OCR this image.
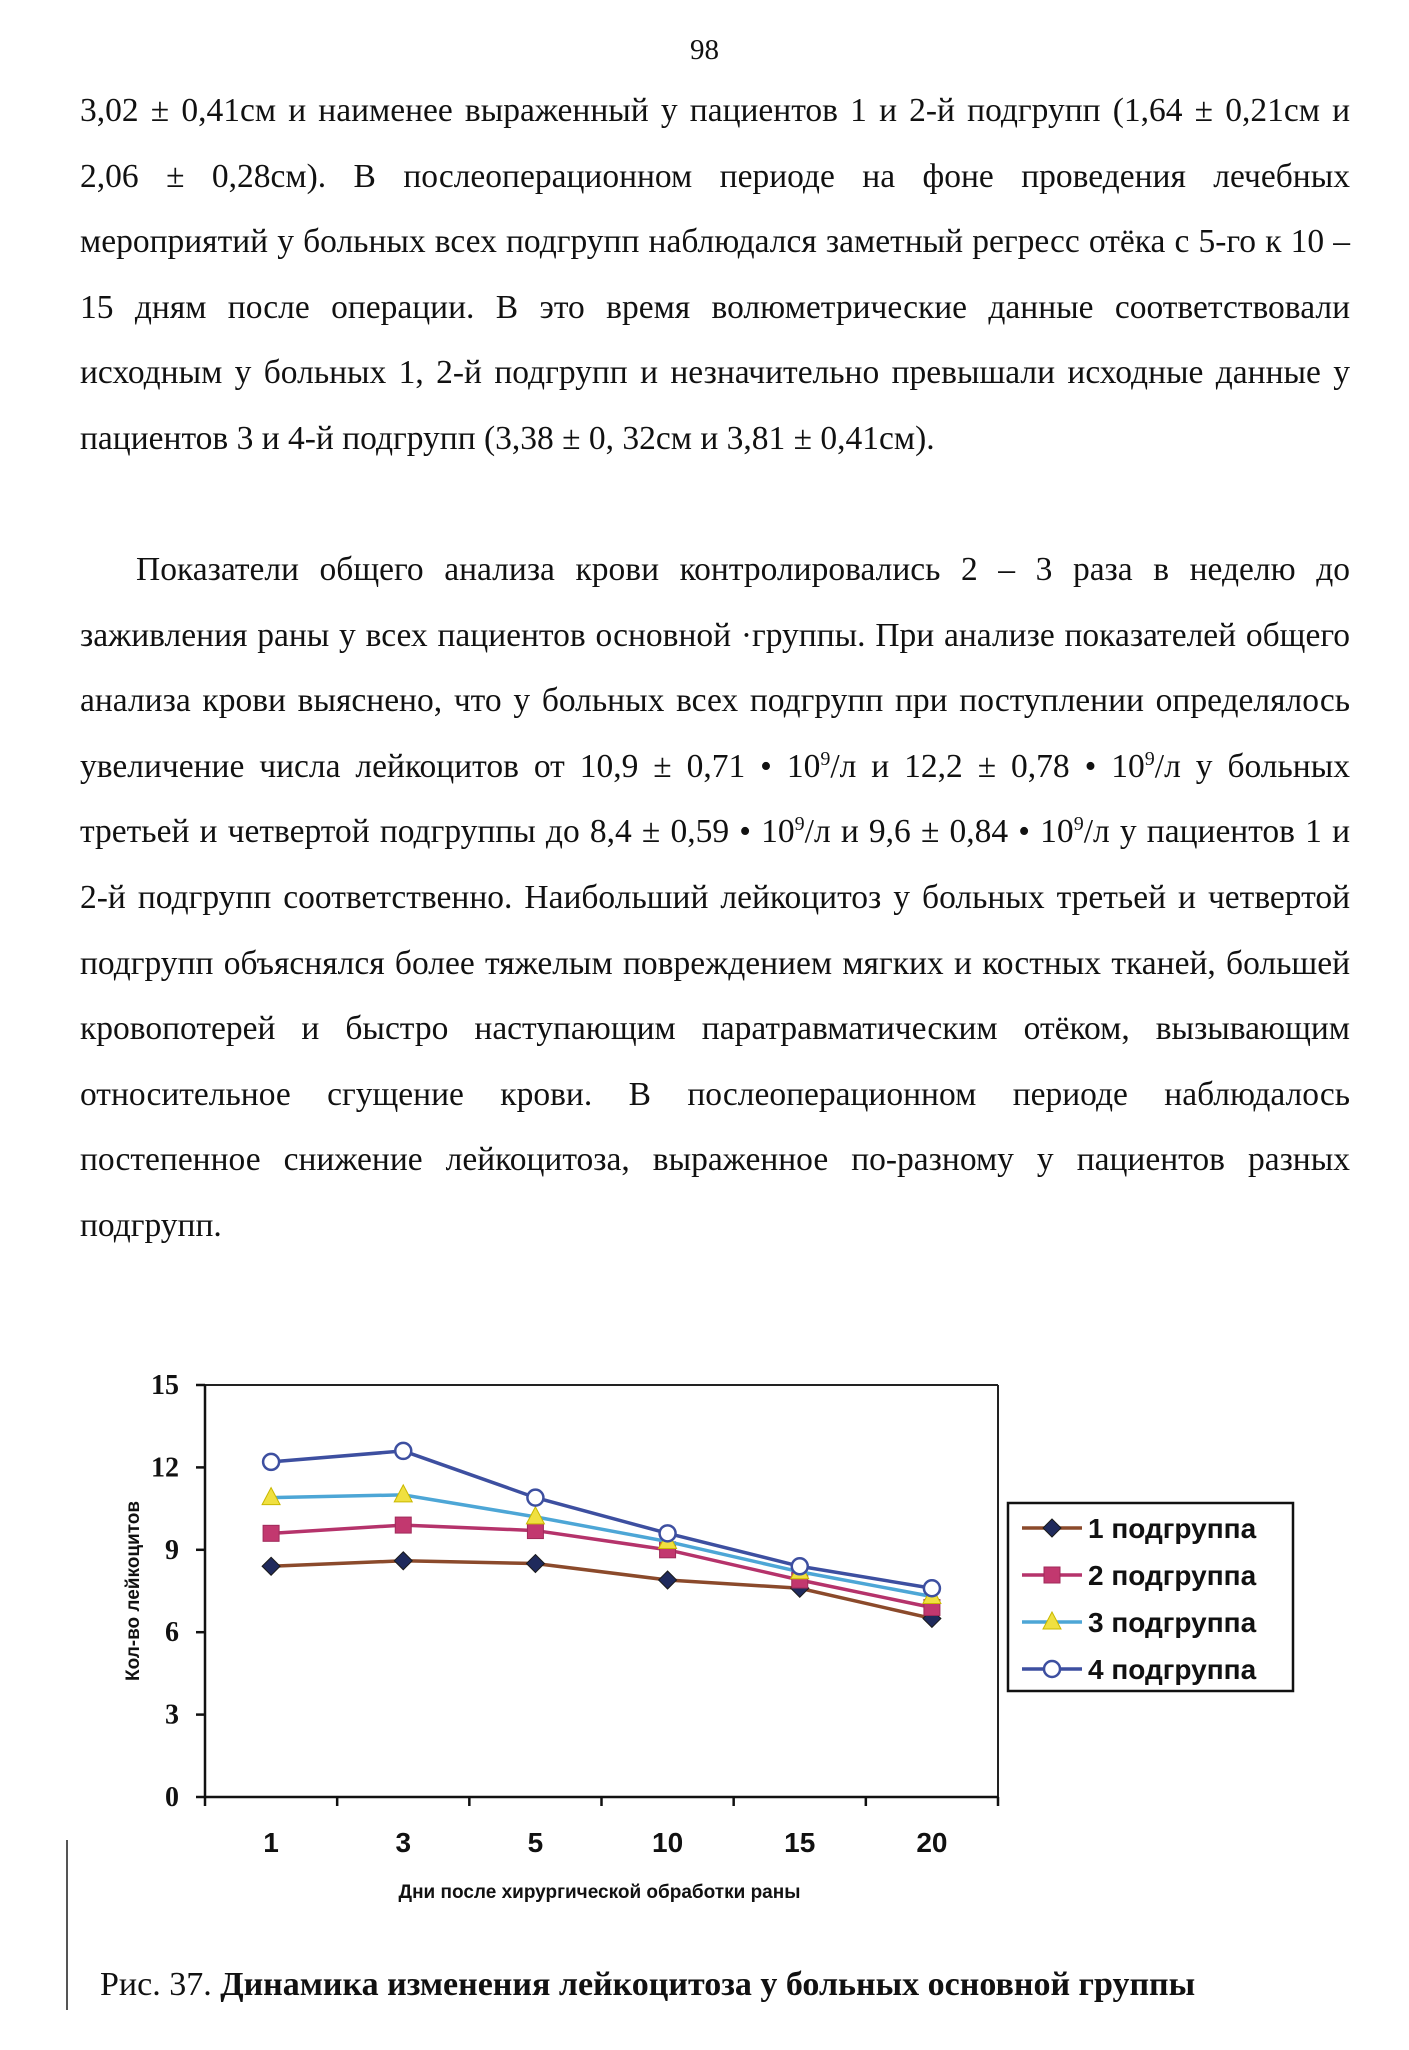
98

3,02 ± 0,41см и наименее выраженный у пациентов 1 и 2-й подгрупп (1,64 ± 0,21см и 2,06 ± 0,28см). В послеоперационном периоде на фоне проведения лечебных мероприятий у больных всех подгрупп наблюдался заметный регресс отёка с 5-го к 10 – 15 дням после операции. В это время волюметрические данные соответствовали исходным у больных 1, 2-й подгрупп и незначительно превышали исходные данные у пациентов 3 и 4-й подгрупп (3,38 ± 0, 32см и 3,81 ± 0,41см).

Показатели общего анализа крови контролировались 2 – 3 раза в неделю до заживления раны у всех пациентов основной ·группы. При анализе показателей общего анализа крови выяснено, что у больных всех подгрупп при поступлении определялось увеличение числа лейкоцитов от 10,9 ± 0,71 • $10^9/л$ и 12,2 ± 0,78 • $10^9/л$ у больных третьей и четвертой подгруппы до 8,4 ± 0,59 • $10^9/л$ и 9,6 ± 0,84 • $10^9/л$ у пациентов 1 и 2-й подгрупп соответственно. Наибольший лейкоцитоз у больных третьей и четвертой подгрупп объяснялся более тяжелым повреждением мягких и костных тканей, большей кровопотерей и быстро наступающим паратравматическим отёком, вызывающим относительное сгущение крови. В послеоперационном периоде наблюдалось постепенное снижение лейкоцитоза, выраженное по-разному у пациентов разных подгрупп.

0
3
6
9
12
15
1	3	5	10	15	20
1 подгруппа
2 подгруппа
3 подгруппа
4 подгруппа
Кол-во лейкоцитов
Дни после хирургической обработки раны
Рис. 37. Динамика изменения лейкоцитоза у больных основной группы
